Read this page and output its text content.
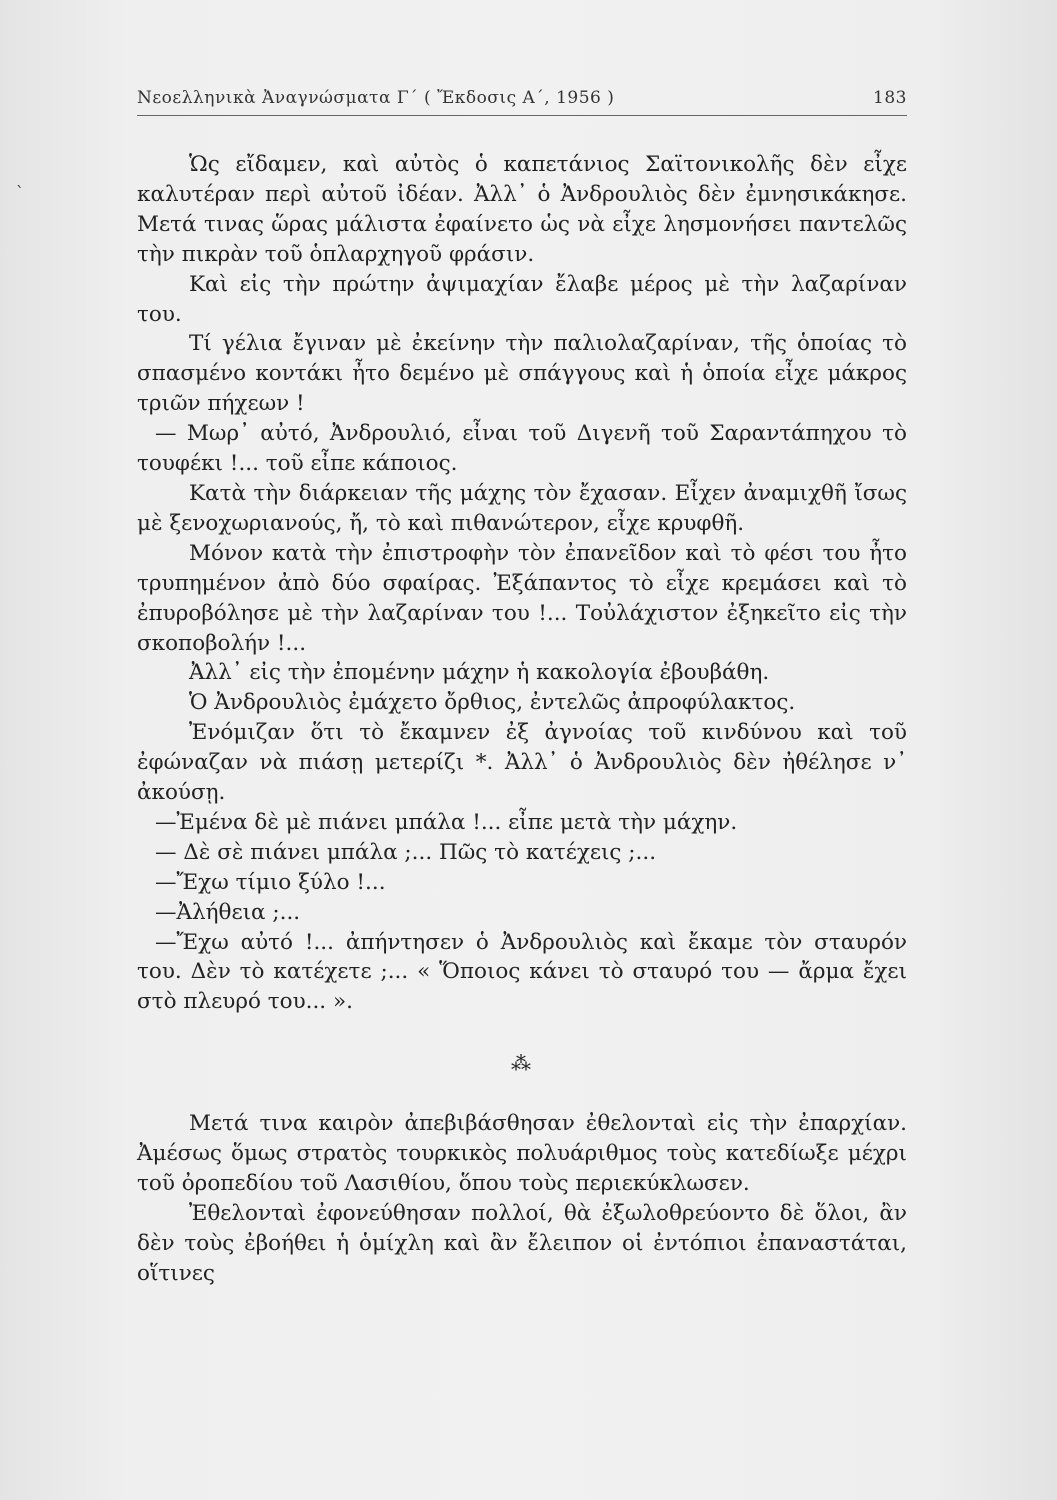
`
Νεοελληνικὰ Ἀναγνώσματα Γ΄ ( Ἔκδοσις Α΄, 1956 )	183

Ὡς εἴδαμεν, καὶ αὐτὸς ὁ καπετάνιος Σαϊτονικολῆς δὲν εἶχε καλυτέραν περὶ αὐτοῦ ἰδέαν. Ἀλλ᾿ ὁ Ἀνδρουλιὸς δὲν ἐμνησικάκησε. Μετά τινας ὥρας μάλιστα ἐφαίνετο ὡς νὰ εἶχε λησμονήσει παντελῶς τὴν πικρὰν τοῦ ὁπλαρχηγοῦ φράσιν.

Καὶ εἰς τὴν πρώτην ἀψιμαχίαν ἔλαβε μέρος μὲ τὴν λαζαρίναν του.

Τί γέλια ἔγιναν μὲ ἐκείνην τὴν παλιολαζαρίναν, τῆς ὁποίας τὸ σπασμένο κοντάκι ἦτο δεμένο μὲ σπάγγους καὶ ἡ ὁποία εἶχε μάκρος τριῶν πήχεων !

— Μωρ᾿ αὐτό, Ἀνδρουλιό, εἶναι τοῦ Διγενῆ τοῦ Σαραντάπηχου τὸ τουφέκι !... τοῦ εἶπε κάποιος.

Κατὰ τὴν διάρκειαν τῆς μάχης τὸν ἔχασαν. Εἶχεν ἀναμιχθῆ ἴσως μὲ ξενοχωριανούς, ἤ, τὸ καὶ πιθανώτερον, εἶχε κρυφθῆ.

Μόνον κατὰ τὴν ἐπιστροφὴν τὸν ἐπανεῖδον καὶ τὸ φέσι του ἦτο τρυπημένον ἀπὸ δύο σφαίρας. Ἐξάπαντος τὸ εἶχε κρεμάσει καὶ τὸ ἐπυροβόλησε μὲ τὴν λαζαρίναν του !... Τοὐλάχιστον ἐξηκεῖτο εἰς τὴν σκοποβολήν !...

Ἀλλ᾿ εἰς τὴν ἐπομένην μάχην ἡ κακολογία ἐβουβάθη.

Ὁ Ἀνδρουλιὸς ἐμάχετο ὄρθιος, ἐντελῶς ἀπροφύλακτος.

Ἐνόμιζαν ὅτι τὸ ἔκαμνεν ἐξ ἀγνοίας τοῦ κινδύνου καὶ τοῦ ἐφώναζαν νὰ πιάσῃ μετερίζι *. Ἀλλ᾿ ὁ Ἀνδρουλιὸς δὲν ἠθέλησε ν᾿ ἀκούσῃ.

—Ἐμένα δὲ μὲ πιάνει μπάλα !... εἶπε μετὰ τὴν μάχην.

— Δὲ σὲ πιάνει μπάλα ;... Πῶς τὸ κατέχεις ;...

—Ἔχω τίμιο ξύλο !...

—Ἀλήθεια ;...

—Ἔχω αὐτό !... ἀπήντησεν ὁ Ἀνδρουλιὸς καὶ ἔκαμε τὸν σταυρόν του. Δὲν τὸ κατέχετε ;... « Ὅποιος κάνει τὸ σταυρό του — ἄρμα ἔχει στὸ πλευρό του... ».

⁂

Μετά τινα καιρὸν ἀπεβιβάσθησαν ἐθελονταὶ εἰς τὴν ἐπαρχίαν. Ἀμέσως ὅμως στρατὸς τουρκικὸς πολυάριθμος τοὺς κατεδίωξε μέχρι τοῦ ὀροπεδίου τοῦ Λασιθίου, ὅπου τοὺς περιεκύκλωσεν.

Ἐθελονταὶ ἐφονεύθησαν πολλοί, θὰ ἐξωλοθρεύοντο δὲ ὅλοι, ἂν δὲν τοὺς ἐβοήθει ἡ ὁμίχλη καὶ ἂν ἔλειπον οἱ ἐντόπιοι ἐπαναστάται, οἵτινες
